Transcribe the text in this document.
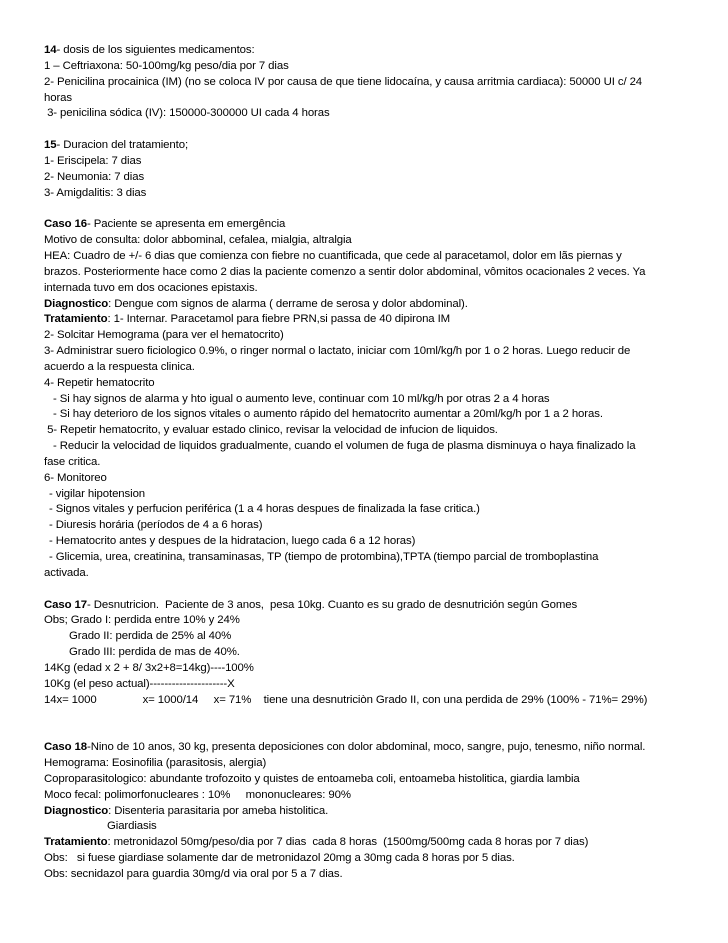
14- dosis de los siguientes medicamentos:
1 – Ceftriaxona: 50-100mg/kg peso/dia por 7 dias
2- Penicilina procainica (IM) (no se coloca IV por causa de que tiene lidocaína, y causa arritmia cardiaca): 50000 UI c/ 24
horas
3- penicilina sódica (IV): 150000-300000 UI cada 4 horas
15- Duracion del tratamiento;
1- Eriscipela: 7 dias
2- Neumonia: 7 dias
3- Amigdalitis: 3 dias
Caso 16- Paciente se apresenta em emergência
Motivo de consulta: dolor abbominal, cefalea, mialgia, altralgia
HEA: Cuadro de +/- 6 dias que comienza con fiebre no cuantificada, que cede al paracetamol, dolor em lãs piernas y
brazos. Posteriormente hace como 2 dias la paciente comenzo a sentir dolor abdominal, vômitos ocacionales 2 veces. Ya
internada tuvo em dos ocaciones epistaxis.
Diagnostico: Dengue com signos de alarma ( derrame de serosa y dolor abdominal).
Tratamiento: 1- Internar. Paracetamol para fiebre PRN,si passa de 40 dipirona IM
2- Solcitar Hemograma (para ver el hematocrito)
3- Administrar suero ficiologico 0.9%, o ringer normal o lactato, iniciar com 10ml/kg/h por 1 o 2 horas. Luego reducir de
acuerdo a la respuesta clinica.
4- Repetir hematocrito
- Si hay signos de alarma y hto igual o aumento leve, continuar com 10 ml/kg/h por otras 2 a 4 horas
- Si hay deterioro de los signos vitales o aumento rápido del hematocrito aumentar a 20ml/kg/h por 1 a 2 horas.
5- Repetir hematocrito, y evaluar estado clinico, revisar la velocidad de infucion de liquidos.
- Reducir la velocidad de liquidos gradualmente, cuando el volumen de fuga de plasma disminuya o haya finalizado la
fase critica.
6- Monitoreo
- vigilar hipotension
- Signos vitales y perfucion periférica (1 a 4 horas despues de finalizada la fase critica.)
- Diuresis horária (períodos de 4 a 6 horas)
- Hematocrito antes y despues de la hidratacion, luego cada 6 a 12 horas)
- Glicemia, urea, creatinina, transaminasas, TP (tiempo de protombina),TPTA (tiempo parcial de tromboplastina
activada.
Caso 17- Desnutricion.  Paciente de 3 anos,  pesa 10kg. Cuanto es su grado de desnutrición según Gomes
Obs; Grado I: perdida entre 10% y 24%
Grado II: perdida de 25% al 40%
Grado III: perdida de mas de 40%.
14Kg (edad x 2 + 8/ 3x2+8=14kg)----100%
10Kg (el peso actual)---------------------X
14x= 1000               x= 1000/14     x= 71%    tiene una desnutriciòn Grado II, con una perdida de 29% (100% - 71%= 29%)
Caso 18-Nino de 10 anos, 30 kg, presenta deposiciones con dolor abdominal, moco, sangre, pujo, tenesmo, niño normal.
Hemograma: Eosinofilia (parasitosis, alergia)
Coproparasitologico: abundante trofozoito y quistes de entoamebа coli, entoameba histolitica, giardia lambia
Moco fecal: polimorfonucleares : 10%     mononucleares: 90%
Diagnostico: Disenteria parasitaria por ameba histolitica.
Giardiasis
Tratamiento: metronidazol 50mg/peso/dia por 7 dias  cada 8 horas  (1500mg/500mg cada 8 horas por 7 dias)
Obs:   si fuese giardiase solamente dar de metronidazol 20mg a 30mg cada 8 horas por 5 dias.
Obs: secnidazol para guardia 30mg/d via oral por 5 a 7 dias.
